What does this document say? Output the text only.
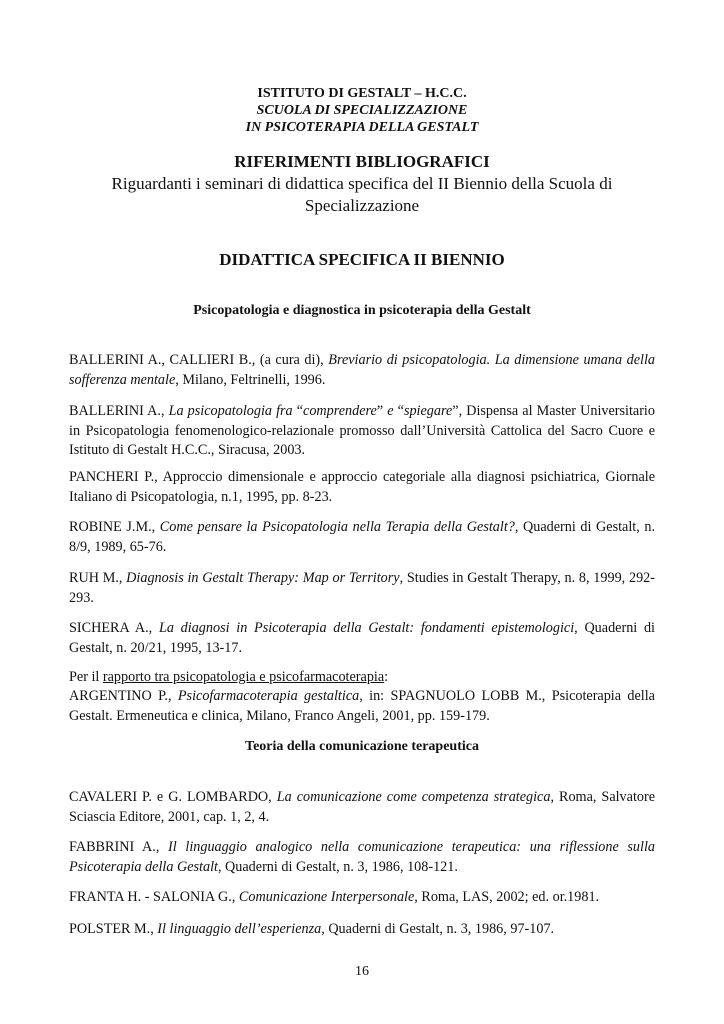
ISTITUTO DI GESTALT – H.C.C.
SCUOLA DI SPECIALIZZAZIONE
IN PSICOTERAPIA DELLA GESTALT
RIFERIMENTI BIBLIOGRAFICI
Riguardanti i seminari di didattica specifica del II Biennio della Scuola di
Specializzazione
DIDATTICA SPECIFICA II BIENNIO
Psicopatologia e diagnostica in psicoterapia della Gestalt
BALLERINI A., CALLIERI B., (a cura di), Breviario di psicopatologia. La dimensione umana della sofferenza mentale, Milano, Feltrinelli, 1996.
BALLERINI A., La psicopatologia fra “comprendere” e “spiegare”, Dispensa al Master Universitario in Psicopatologia fenomenologico-relazionale promosso dall’Università Cattolica del Sacro Cuore e Istituto di Gestalt H.C.C., Siracusa, 2003.
PANCHERI P., Approccio dimensionale e approccio categoriale alla diagnosi psichiatrica, Giornale Italiano di Psicopatologia, n.1, 1995, pp. 8-23.
ROBINE J.M., Come pensare la Psicopatologia nella Terapia della Gestalt?, Quaderni di Gestalt, n. 8/9, 1989, 65-76.
RUH M., Diagnosis in Gestalt Therapy: Map or Territory, Studies in Gestalt Therapy, n. 8, 1999, 292-293.
SICHERA A., La diagnosi in Psicoterapia della Gestalt: fondamenti epistemologici, Quaderni di Gestalt, n. 20/21, 1995, 13-17.
Per il rapporto tra psicopatologia e psicofarmacoterapia:
ARGENTINO P., Psicofarmacoterapia gestaltica, in: SPAGNUOLO LOBB M., Psicoterapia della Gestalt. Ermeneutica e clinica, Milano, Franco Angeli, 2001, pp. 159-179.
Teoria della comunicazione terapeutica
CAVALERI P. e G. LOMBARDO, La comunicazione come competenza strategica, Roma, Salvatore Sciascia Editore, 2001, cap. 1, 2, 4.
FABBRINI A., Il linguaggio analogico nella comunicazione terapeutica: una riflessione sulla Psicoterapia della Gestalt, Quaderni di Gestalt, n. 3, 1986, 108-121.
FRANTA H. - SALONIA G., Comunicazione Interpersonale, Roma, LAS, 2002; ed. or.1981.
POLSTER M., Il linguaggio dell’esperienza, Quaderni di Gestalt, n. 3, 1986, 97-107.
16
